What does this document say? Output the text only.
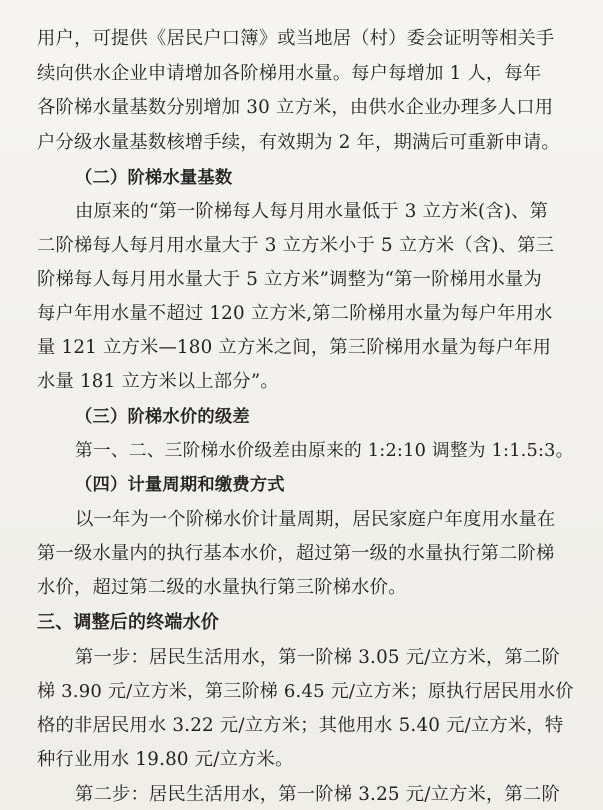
用户，可提供《居民户口簿》或当地居（村）委会证明等相关手
续向供水企业申请增加各阶梯用水量。每户每增加 1 人，每年
各阶梯水量基数分别增加 30 立方米，由供水企业办理多人口用
户分级水量基数核增手续，有效期为 2 年，期满后可重新申请。
（二）阶梯水量基数
由原来的“第一阶梯每人每月用水量低于 3 立方米(含)、第
二阶梯每人每月用水量大于 3 立方米小于 5 立方米（含)、第三
阶梯每人每月用水量大于 5 立方米”调整为“第一阶梯用水量为
每户年用水量不超过 120 立方米,第二阶梯用水量为每户年用水
量 121 立方米—180 立方米之间，第三阶梯用水量为每户年用
水量 181 立方米以上部分”。
（三）阶梯水价的级差
第一、二、三阶梯水价级差由原来的 1:2:10 调整为 1:1.5:3。
（四）计量周期和缴费方式
以一年为一个阶梯水价计量周期，居民家庭户年度用水量在
第一级水量内的执行基本水价，超过第一级的水量执行第二阶梯
水价，超过第二级的水量执行第三阶梯水价。
三、调整后的终端水价
第一步：居民生活用水，第一阶梯 3.05 元/立方米，第二阶
梯 3.90 元/立方米，第三阶梯 6.45 元/立方米；原执行居民用水价
格的非居民用水 3.22 元/立方米；其他用水 5.40 元/立方米，特
种行业用水 19.80 元/立方米。
第二步：居民生活用水，第一阶梯 3.25 元/立方米，第二阶
